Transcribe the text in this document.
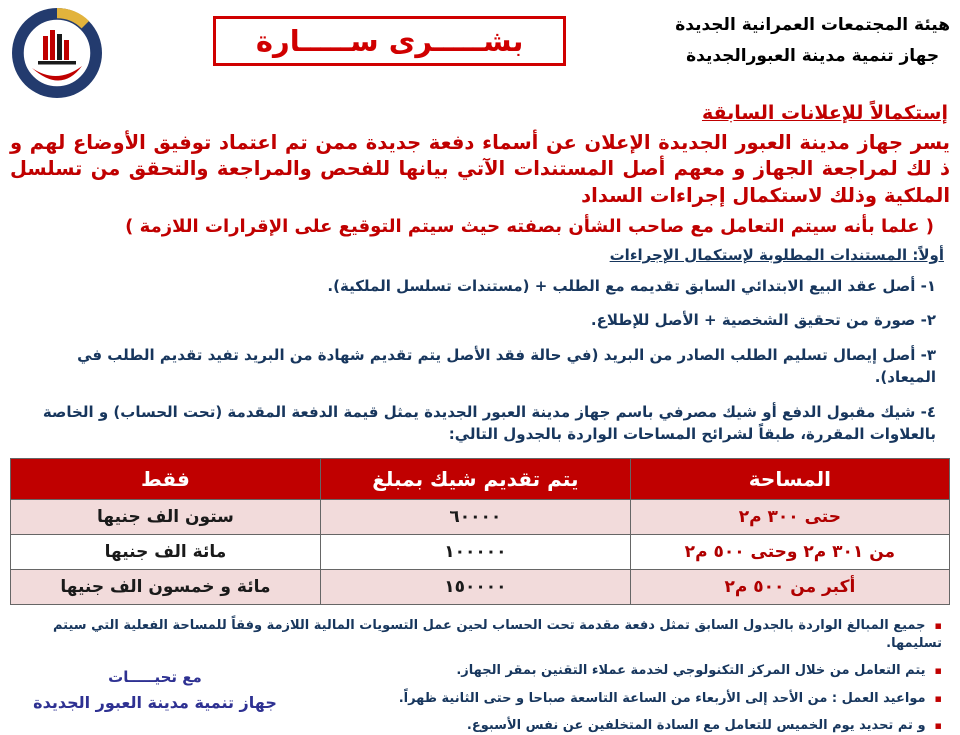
هيئة المجتمعات العمرانية الجديدة
جهاز تنمية مدينة العبورالجديدة
بشـــــرى ســـــارة
إستكمالاً للإعلانات السابقة

يسر جهاز مدينة العبور الجديدة الإعلان عن أسماء دفعة جديدة ممن تم اعتماد توفيق الأوضاع لهم و ذ لك لمراجعة الجهاز و معهم أصل المستندات الآتي بيانها للفحص والمراجعة والتحقق من تسلسل الملكية وذلك لاستكمال إجراءات السداد

( علما بأنه سيتم التعامل مع صاحب الشأن بصفته حيث سيتم التوقيع على الإقرارات اللازمة )
أولاً: المستندات المطلوبة لإستكمال الإجراءات
١- أصل عقد البيع الابتدائي السابق تقديمه مع الطلب + (مستندات تسلسل الملكية).
٢- صورة من تحقيق الشخصية + الأصل للإطلاع.
٣- أصل إيصال تسليم الطلب الصادر من البريد (في حالة فقد الأصل يتم تقديم شهادة من البريد تفيد تقديم الطلب في الميعاد).
٤- شيك مقبول الدفع أو شيك مصرفي باسم جهاز مدينة العبور الجديدة يمثل قيمة الدفعة المقدمة (تحت الحساب) و الخاصة بالعلاوات المقررة، طبقاً لشرائح المساحات الواردة بالجدول التالي:
المساحة	يتم تقديم شيك بمبلغ	فقط
حتى ٣٠٠ م٢	٦٠٠٠٠	ستون الف جنيها
من ٣٠١ م٢ وحتى ٥٠٠ م٢	١٠٠٠٠٠	مائة الف جنيها
أكبر من ٥٠٠ م٢	١٥٠٠٠٠	مائة و خمسون الف جنيها
▪جميع المبالغ الواردة بالجدول السابق تمثل دفعة مقدمة تحت الحساب لحين عمل التسويات المالية اللازمة وفقاً للمساحة الفعلية التي سيتم تسليمها.
▪يتم التعامل من خلال المركز التكنولوجي لخدمة عملاء التقنين بمقر الجهاز.
▪مواعيد العمل : من الأحد إلى الأربعاء من الساعة التاسعة صباحا و حتى الثانية ظهراً.
▪و تم تحديد يوم الخميس للتعامل مع السادة المتخلفين عن نفس الأسبوع.
مع تحيـــــات
جهاز تنمية مدينة العبور الجديدة
